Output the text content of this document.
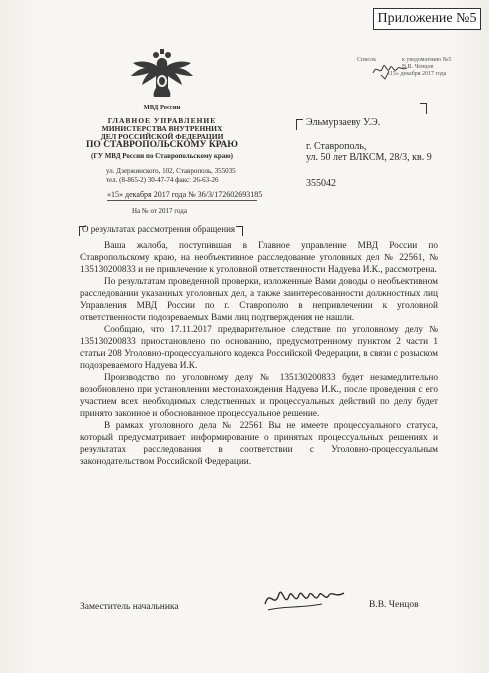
Приложение №5
Список	к уведомлению №5
В.В. Ченцов
«15» декабря 2017 года
МВД России
ГЛАВНОЕ УПРАВЛЕНИЕ
МИНИСТЕРСТВА ВНУТРЕННИХ
ДЕЛ РОССИЙСКОЙ ФЕДЕРАЦИИ
ПО СТАВРОПОЛЬСКОМУ КРАЮ
(ГУ МВД России по Ставропольскому краю)
ул. Дзержинского, 102, Ставрополь, 355035
тел. (8-865-2) 30-47-74 факс: 26-63-26
«15» декабря 2017 года № 36/3/172602693185
На № от 2017 года
О результатах рассмотрения обращения
Эльмурзаеву У.Э.
г. Ставрополь,
ул. 50 лет ВЛКСМ, 28/3, кв. 9
355042

Ваша жалоба, поступившая в Главное управление МВД России по Ставропольскому краю, на необъективное расследование уголовных дел № 22561, № 135130200833 и не привлечение к уголовной ответственности Надуева И.К., рассмотрена.

По результатам проведенной проверки, изложенные Вами доводы о необъективном расследовании указанных уголовных дел, а также заинтересованности должностных лиц Управления МВД России по г. Ставрополю в непривлечении к уголовной ответственности подозреваемых Вами лиц подтверждения не нашли.

Сообщаю, что 17.11.2017 предварительное следствие по уголовному делу № 135130200833 приостановлено по основанию, предусмотренному пунктом 2 части 1 статьи 208 Уголовно-процессуального кодекса Российской Федерации, в связи с розыском подозреваемого Надуева И.К.

Производство по уголовному делу № 135130200833 будет незамедлительно возобновлено при установлении местонахождения Надуева И.К., после проведения с его участием всех необходимых следственных и процессуальных действий по делу будет принято законное и обоснованное процессуальное решение.

В рамках уголовного дела № 22561 Вы не имеете процессуального статуса, который предусматривает информирование о принятых процессуальных решениях и результатах расследования в соответствии с Уголовно-процессуальным законодательством Российской Федерации.

Заместитель начальника	В.В. Ченцов
